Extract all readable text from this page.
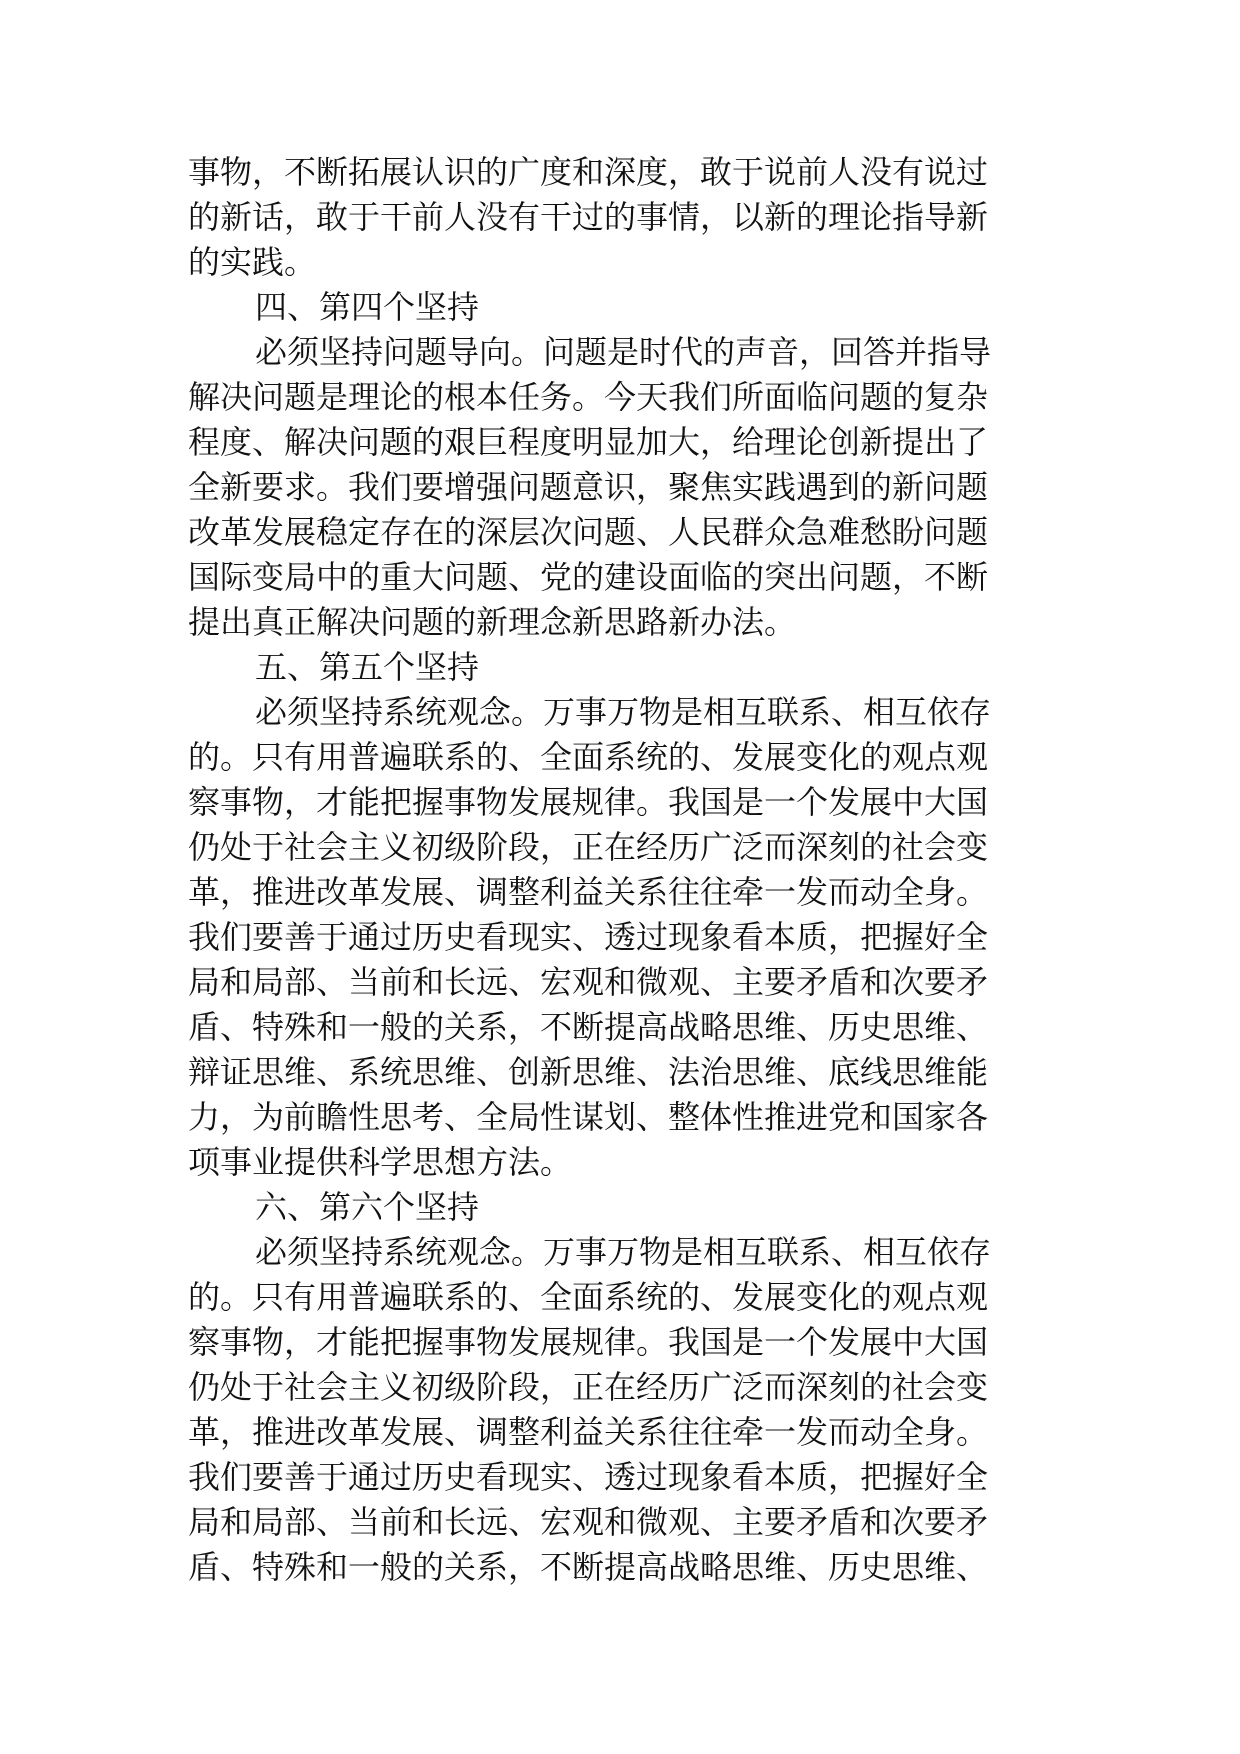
事物，不断拓展认识的广度和深度，敢于说前人没有说过
的新话，敢于干前人没有干过的事情，以新的理论指导新
的实践。
四、第四个坚持
必须坚持问题导向。问题是时代的声音，回答并指导
解决问题是理论的根本任务。今天我们所面临问题的复杂
程度、解决问题的艰巨程度明显加大，给理论创新提出了
全新要求。我们要增强问题意识，聚焦实践遇到的新问题
改革发展稳定存在的深层次问题、人民群众急难愁盼问题
国际变局中的重大问题、党的建设面临的突出问题，不断
提出真正解决问题的新理念新思路新办法。
五、第五个坚持
必须坚持系统观念。万事万物是相互联系、相互依存
的。只有用普遍联系的、全面系统的、发展变化的观点观
察事物，才能把握事物发展规律。我国是一个发展中大国
仍处于社会主义初级阶段，正在经历广泛而深刻的社会变
革，推进改革发展、调整利益关系往往牵一发而动全身。
我们要善于通过历史看现实、透过现象看本质，把握好全
局和局部、当前和长远、宏观和微观、主要矛盾和次要矛
盾、特殊和一般的关系，不断提高战略思维、历史思维、
辩证思维、系统思维、创新思维、法治思维、底线思维能
力，为前瞻性思考、全局性谋划、整体性推进党和国家各
项事业提供科学思想方法。
六、第六个坚持
必须坚持系统观念。万事万物是相互联系、相互依存
的。只有用普遍联系的、全面系统的、发展变化的观点观
察事物，才能把握事物发展规律。我国是一个发展中大国
仍处于社会主义初级阶段，正在经历广泛而深刻的社会变
革，推进改革发展、调整利益关系往往牵一发而动全身。
我们要善于通过历史看现实、透过现象看本质，把握好全
局和局部、当前和长远、宏观和微观、主要矛盾和次要矛
盾、特殊和一般的关系，不断提高战略思维、历史思维、
